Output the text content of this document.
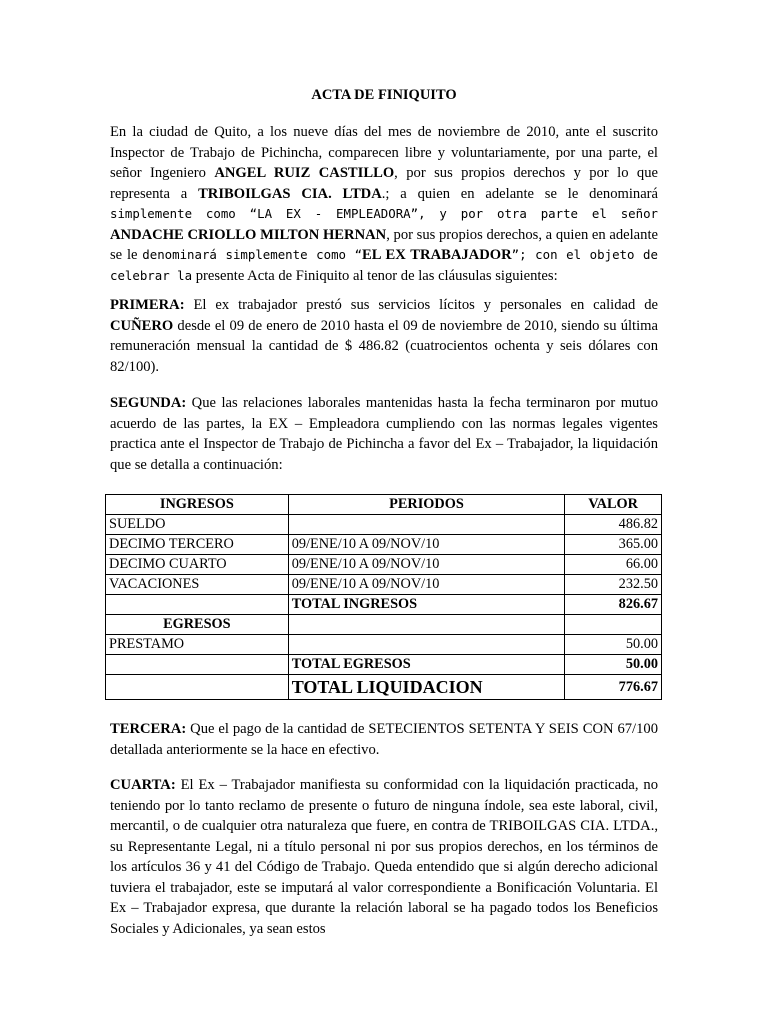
ACTA DE FINIQUITO

En la ciudad de Quito, a los nueve días del mes de noviembre de 2010, ante el suscrito Inspector de Trabajo de Pichincha, comparecen libre y voluntariamente, por una parte, el señor Ingeniero ANGEL RUIZ CASTILLO, por sus propios derechos y por lo que representa a TRIBOILGAS CIA. LTDA.; a quien en adelante se le denominará simplemente como “LA EX - EMPLEADORA”, y por otra parte el señor ANDACHE CRIOLLO MILTON HERNAN, por sus propios derechos, a quien en adelante se le denominará simplemente como “EL EX TRABAJADOR”; con el objeto de celebrar la presente Acta de Finiquito al tenor de las cláusulas siguientes:

PRIMERA: El ex trabajador prestó sus servicios lícitos y personales en calidad de CUÑERO desde el 09 de enero de 2010 hasta el 09 de noviembre de 2010, siendo su última remuneración mensual la cantidad de $ 486.82 (cuatrocientos ochenta y seis dólares con 82/100).

SEGUNDA: Que las relaciones laborales mantenidas hasta la fecha terminaron por mutuo acuerdo de las partes, la EX – Empleadora cumpliendo con las normas legales vigentes practica ante el Inspector de Trabajo de Pichincha a favor del Ex – Trabajador, la liquidación que se detalla a continuación:

INGRESOS	PERIODOS	VALOR
SUELDO		486.82
DECIMO TERCERO	09/ENE/10 A 09/NOV/10	365.00
DECIMO CUARTO	09/ENE/10 A 09/NOV/10	66.00
VACACIONES	09/ENE/10 A 09/NOV/10	232.50
	TOTAL INGRESOS	826.67
EGRESOS		
PRESTAMO		50.00
	TOTAL EGRESOS	50.00
	TOTAL LIQUIDACION	776.67

TERCERA: Que el pago de la cantidad de SETECIENTOS SETENTA Y SEIS CON 67/100 detallada anteriormente se la hace en efectivo.

CUARTA: El Ex – Trabajador manifiesta su conformidad con la liquidación practicada, no teniendo por lo tanto reclamo de presente o futuro de ninguna índole, sea este laboral, civil, mercantil, o de cualquier otra naturaleza que fuere, en contra de TRIBOILGAS CIA. LTDA., su Representante Legal, ni a título personal ni por sus propios derechos, en los términos de los artículos 36 y 41 del Código de Trabajo. Queda entendido que si algún derecho adicional tuviera el trabajador, este se imputará al valor correspondiente a Bonificación Voluntaria. El Ex – Trabajador expresa, que durante la relación laboral se ha pagado todos los Beneficios Sociales y Adicionales, ya sean estos
